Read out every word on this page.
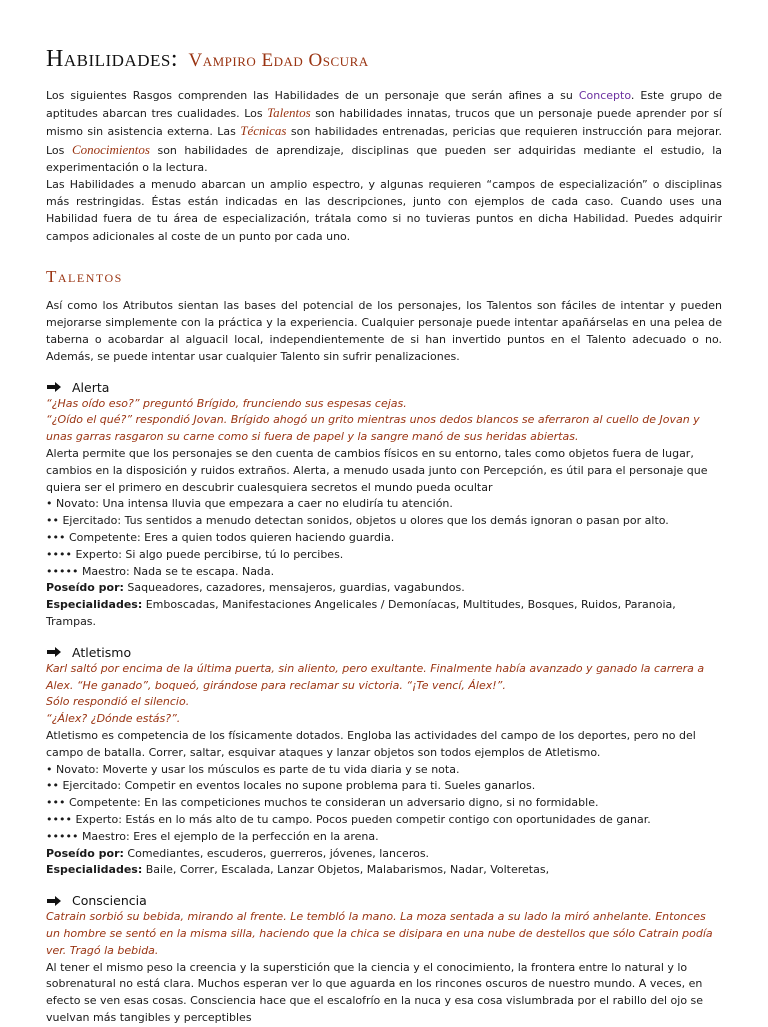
Habilidades: Vampiro Edad Oscura

Los siguientes Rasgos comprenden las Habilidades de un personaje que serán afines a su Concepto. Este grupo de aptitudes abarcan tres cualidades. Los Talentos son habilidades innatas, trucos que un personaje puede aprender por sí mismo sin asistencia externa. Las Técnicas son habilidades entrenadas, pericias que requieren instrucción para mejorar. Los Conocimientos son habilidades de aprendizaje, disciplinas que pueden ser adquiridas mediante el estudio, la experimentación o la lectura.

Las Habilidades a menudo abarcan un amplio espectro, y algunas requieren “campos de especialización” o disciplinas más restringidas. Éstas están indicadas en las descripciones, junto con ejemplos de cada caso. Cuando uses una Habilidad fuera de tu área de especialización, trátala como si no tuvieras puntos en dicha Habilidad. Puedes adquirir campos adicionales al coste de un punto por cada uno.

Talentos

Así como los Atributos sientan las bases del potencial de los personajes, los Talentos son fáciles de intentar y pueden mejorarse simplemente con la práctica y la experiencia. Cualquier personaje puede intentar apañárselas en una pelea de taberna o acobardar al alguacil local, independientemente de si han invertido puntos en el Talento adecuado o no. Además, se puede intentar usar cualquier Talento sin sufrir penalizaciones.

Alerta
“¿Has oído eso?” preguntó Brígido, frunciendo sus espesas cejas.
“¿Oído el qué?” respondió Jovan. Brígido ahogó un grito mientras unos dedos blancos se aferraron al cuello de Jovan y unas garras rasgaron su carne como si fuera de papel y la sangre manó de sus heridas abiertas.
Alerta permite que los personajes se den cuenta de cambios físicos en su entorno, tales como objetos fuera de lugar, cambios en la disposición y ruidos extraños. Alerta, a menudo usada junto con Percepción, es útil para el personaje que quiera ser el primero en descubrir cualesquiera secretos el mundo pueda ocultar
• Novato: Una intensa lluvia que empezara a caer no eludiría tu atención.
•• Ejercitado: Tus sentidos a menudo detectan sonidos, objetos u olores que los demás ignoran o pasan por alto.
••• Competente: Eres a quien todos quieren haciendo guardia.
•••• Experto: Si algo puede percibirse, tú lo percibes.
••••• Maestro: Nada se te escapa. Nada.
Poseído por: Saqueadores, cazadores, mensajeros, guardias, vagabundos.
Especialidades: Emboscadas, Manifestaciones Angelicales / Demoníacas, Multitudes, Bosques, Ruidos, Paranoia, Trampas.
Atletismo
Karl saltó por encima de la última puerta, sin aliento, pero exultante. Finalmente había avanzado y ganado la carrera a Alex. “He ganado”, boqueó, girándose para reclamar su victoria. “¡Te vencí, Álex!”.
Sólo respondió el silencio.
“¿Álex? ¿Dónde estás?”.
Atletismo es competencia de los físicamente dotados. Engloba las actividades del campo de los deportes, pero no del campo de batalla. Correr, saltar, esquivar ataques y lanzar objetos son todos ejemplos de Atletismo.
• Novato: Moverte y usar los músculos es parte de tu vida diaria y se nota.
•• Ejercitado: Competir en eventos locales no supone problema para ti. Sueles ganarlos.
••• Competente: En las competiciones muchos te consideran un adversario digno, si no formidable.
•••• Experto: Estás en lo más alto de tu campo. Pocos pueden competir contigo con oportunidades de ganar.
••••• Maestro: Eres el ejemplo de la perfección en la arena.
Poseído por: Comediantes, escuderos, guerreros, jóvenes, lanceros.
Especialidades: Baile, Correr, Escalada, Lanzar Objetos, Malabarismos, Nadar, Volteretas,
Consciencia
Catrain sorbió su bebida, mirando al frente. Le tembló la mano. La moza sentada a su lado la miró anhelante. Entonces un hombre se sentó en la misma silla, haciendo que la chica se disipara en una nube de destellos que sólo Catrain podía ver. Tragó la bebida.
Al tener el mismo peso la creencia y la superstición que la ciencia y el conocimiento, la frontera entre lo natural y lo sobrenatural no está clara. Muchos esperan ver lo que aguarda en los rincones oscuros de nuestro mundo. A veces, en efecto se ven esas cosas. Consciencia hace que el escalofrío en la nuca y esa cosa vislumbrada por el rabillo del ojo se vuelvan más tangibles y perceptibles
